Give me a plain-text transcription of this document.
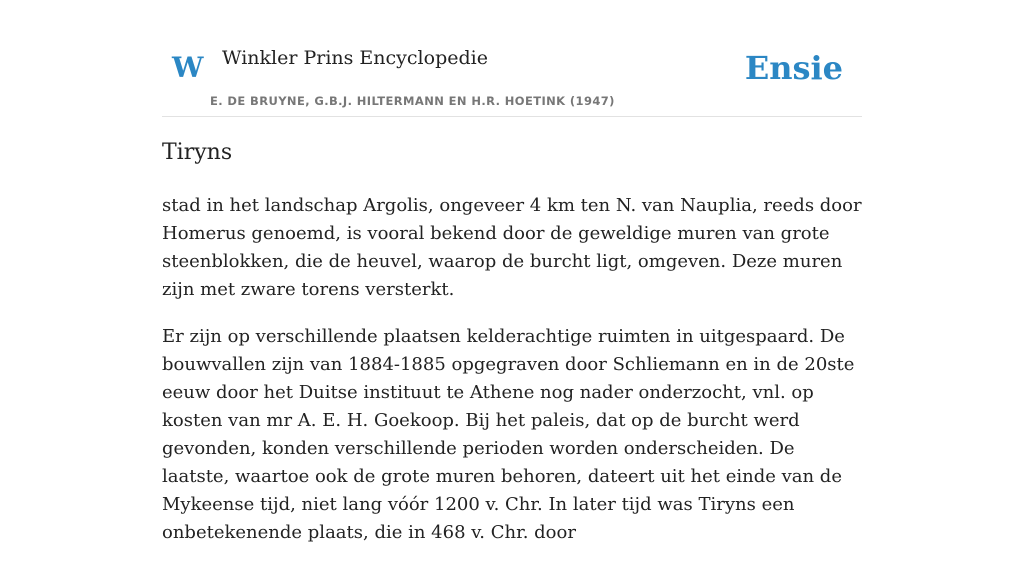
W Winkler Prins Encyclopedie
E. DE BRUYNE, G.B.J. HILTERMANN EN H.R. HOETINK (1947)
Ensie
Tiryns

stad in het landschap Argolis, ongeveer 4 km ten N. van Nauplia, reeds door Homerus genoemd, is vooral bekend door de geweldige muren van grote steenblokken, die de heuvel, waarop de burcht ligt, omgeven. Deze muren zijn met zware torens versterkt.

Er zijn op verschillende plaatsen kelderachtige ruimten in uitgespaard. De bouwvallen zijn van 1884-1885 opgegraven door Schliemann en in de 20ste eeuw door het Duitse instituut te Athene nog nader onderzocht, vnl. op kosten van mr A. E. H. Goekoop. Bij het paleis, dat op de burcht werd gevonden, konden verschillende perioden worden onderscheiden. De laatste, waartoe ook de grote muren behoren, dateert uit het einde van de Mykeense tijd, niet lang vóór 1200 v. Chr. In later tijd was Tiryns een onbetekenende plaats, die in 468 v. Chr. door
